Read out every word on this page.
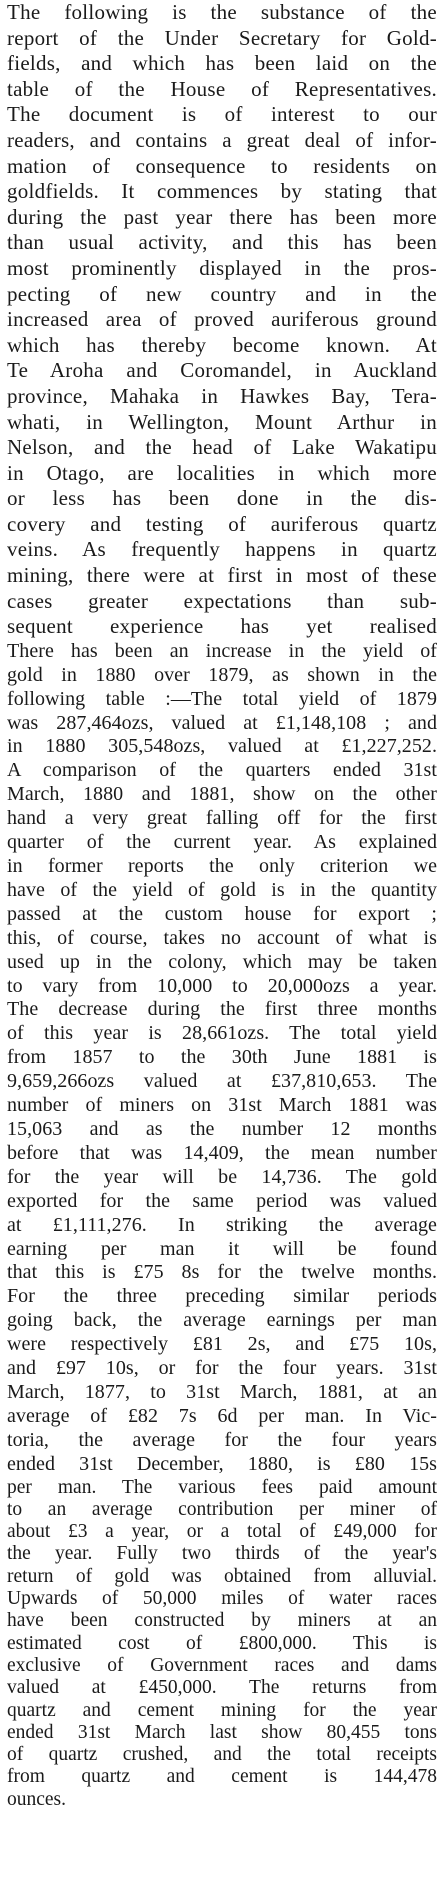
The following is the substance of the
report of the Under Secretary for Gold-
fields, and which has been laid on the
table of the House of Representatives.
The document is of interest to our
readers, and contains a great deal of infor-
mation of consequence to residents on
goldfields. It commences by stating that
during the past year there has been more
than usual activity, and this has been
most prominently displayed in the pros-
pecting of new country and in the
increased area of proved auriferous ground
which has thereby become known. At
Te Aroha and Coromandel, in Auckland
province, Mahaka in Hawkes Bay, Tera-
whati, in Wellington, Mount Arthur in
Nelson, and the head of Lake Wakatipu
in Otago, are localities in which more
or less has been done in the dis-
covery and testing of auriferous quartz
veins. As frequently happens in quartz
mining, there were at first in most of these
cases greater expectations than sub-
sequent experience has yet realised
There has been an increase in the yield of
gold in 1880 over 1879, as shown in the
following table :—The total yield of 1879
was 287,464ozs, valued at £1,148,108 ; and
in 1880 305,548ozs, valued at £1,227,252.
A comparison of the quarters ended 31st
March, 1880 and 1881, show on the other
hand a very great falling off for the first
quarter of the current year. As explained
in former reports the only criterion we
have of the yield of gold is in the quantity
passed at the custom house for export ;
this, of course, takes no account of what is
used up in the colony, which may be taken
to vary from 10,000 to 20,000ozs a year.
The decrease during the first three months
of this year is 28,661ozs. The total yield
from 1857 to the 30th June 1881 is
9,659,266ozs valued at £37,810,653. The
number of miners on 31st March 1881 was
15,063 and as the number 12 months
before that was 14,409, the mean number
for the year will be 14,736. The gold
exported for the same period was valued
at £1,111,276. In striking the average
earning per man it will be found
that this is £75 8s for the twelve months.
For the three preceding similar periods
going back, the average earnings per man
were respectively £81 2s, and £75 10s,
and £97 10s, or for the four years. 31st
March, 1877, to 31st March, 1881, at an
average of £82 7s 6d per man. In Vic-
toria, the average for the four years
ended 31st December, 1880, is £80 15s
per man. The various fees paid amount
to an average contribution per miner of
about £3 a year, or a total of £49,000 for
the year. Fully two thirds of the year's
return of gold was obtained from alluvial.
Upwards of 50,000 miles of water races
have been constructed by miners at an
estimated cost of £800,000. This is
exclusive of Government races and dams
valued at £450,000. The returns from
quartz and cement mining for the year
ended 31st March last show 80,455 tons
of quartz crushed, and the total receipts
from quartz and cement is 144,478
ounces.
